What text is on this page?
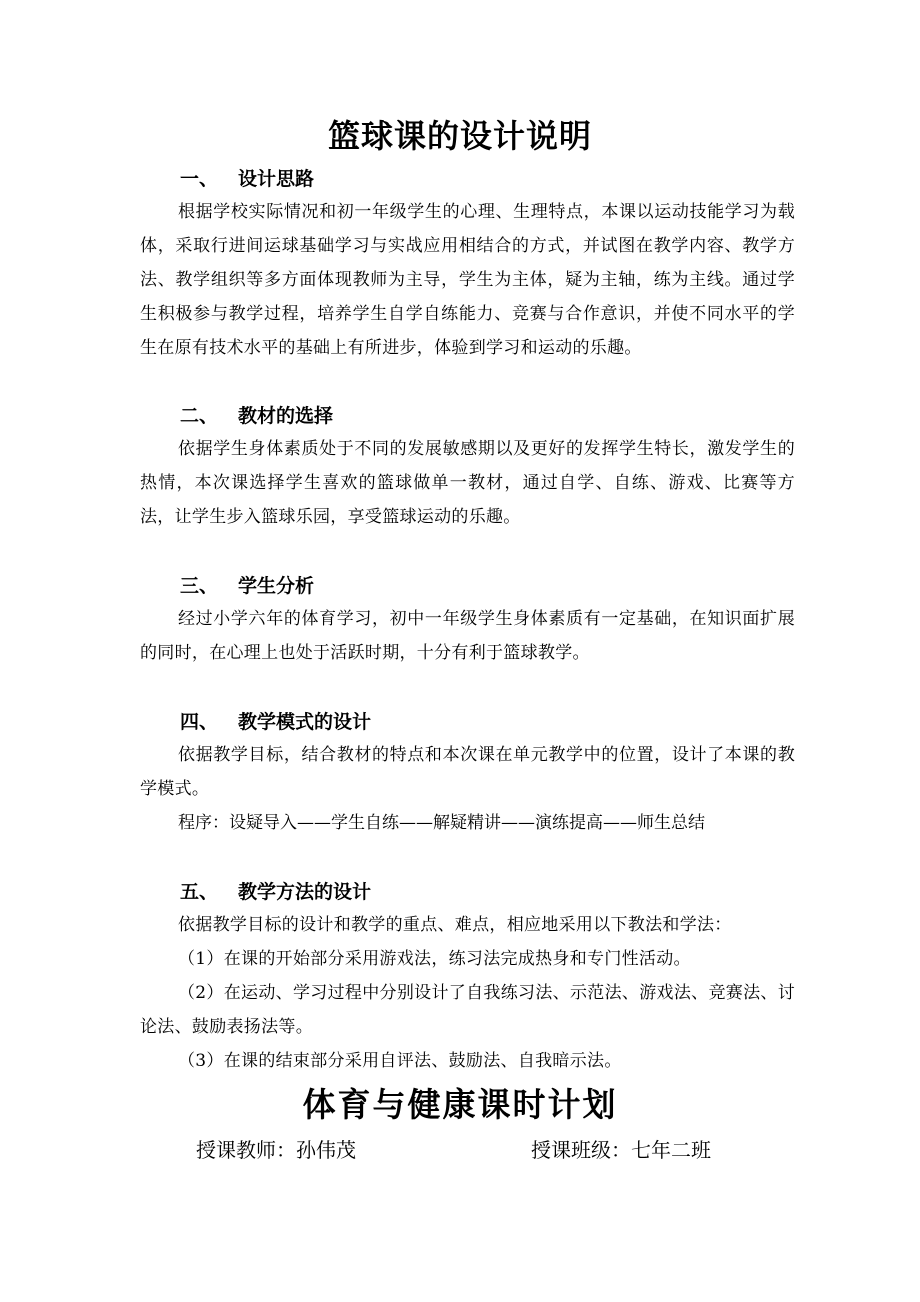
篮球课的设计说明
一、 设计思路

根据学校实际情况和初一年级学生的心理、生理特点，本课以运动技能学习为载体，采取行进间运球基础学习与实战应用相结合的方式，并试图在教学内容、教学方法、教学组织等多方面体现教师为主导，学生为主体，疑为主轴，练为主线。通过学生积极参与教学过程，培养学生自学自练能力、竞赛与合作意识，并使不同水平的学生在原有技术水平的基础上有所进步，体验到学习和运动的乐趣。

二、 教材的选择

依据学生身体素质处于不同的发展敏感期以及更好的发挥学生特长，激发学生的热情，本次课选择学生喜欢的篮球做单一教材，通过自学、自练、游戏、比赛等方法，让学生步入篮球乐园，享受篮球运动的乐趣。

三、 学生分析

经过小学六年的体育学习，初中一年级学生身体素质有一定基础，在知识面扩展的同时，在心理上也处于活跃时期，十分有利于篮球教学。

四、 教学模式的设计

依据教学目标，结合教材的特点和本次课在单元教学中的位置，设计了本课的教学模式。

程序：设疑导入——学生自练——解疑精讲——演练提高——师生总结

五、 教学方法的设计

依据教学目标的设计和教学的重点、难点，相应地采用以下教法和学法：

（1）在课的开始部分采用游戏法，练习法完成热身和专门性活动。

（2）在运动、学习过程中分别设计了自我练习法、示范法、游戏法、竞赛法、讨论法、鼓励表扬法等。

（3）在课的结束部分采用自评法、鼓励法、自我暗示法。

体育与健康课时计划
授课教师：孙伟茂	授课班级：七年二班
